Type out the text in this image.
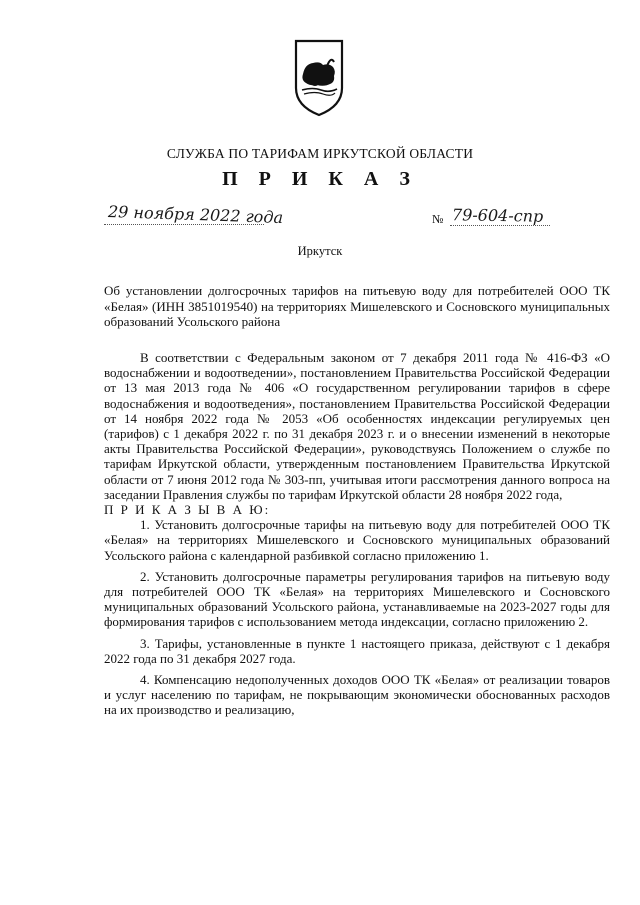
СЛУЖБА ПО ТАРИФАМ ИРКУТСКОЙ ОБЛАСТИ
П Р И К А З
29 ноября 2022 года	№ 79-604-спр
Иркутск
Об установлении долгосрочных тарифов на питьевую воду для потребителей ООО ТК «Белая» (ИНН 3851019540) на территориях Мишелевского и Сосновского муниципальных образований Усольского района

В соответствии с Федеральным законом от 7 декабря 2011 года № 416-ФЗ «О водоснабжении и водоотведении», постановлением Правительства Российской Федерации от 13 мая 2013 года № 406 «О государственном регулировании тарифов в сфере водоснабжения и водоотведения», постановлением Правительства Российской Федерации от 14 ноября 2022 года № 2053 «Об особенностях индексации регулируемых цен (тарифов) с 1 декабря 2022 г. по 31 декабря 2023 г. и о внесении изменений в некоторые акты Правительства Российской Федерации», руководствуясь Положением о службе по тарифам Иркутской области, утвержденным постановлением Правительства Иркутской области от 7 июня 2012 года № 303-пп, учитывая итоги рассмотрения данного вопроса на заседании Правления службы по тарифам Иркутской области 28 ноября 2022 года,

П Р И К А З Ы В А Ю:

1. Установить долгосрочные тарифы на питьевую воду для потребителей ООО ТК «Белая» на территориях Мишелевского и Сосновского муниципальных образований Усольского района с календарной разбивкой согласно приложению 1.

2. Установить долгосрочные параметры регулирования тарифов на питьевую воду для потребителей ООО ТК «Белая» на территориях Мишелевского и Сосновского муниципальных образований Усольского района, устанавливаемые на 2023-2027 годы для формирования тарифов с использованием метода индексации, согласно приложению 2.

3. Тарифы, установленные в пункте 1 настоящего приказа, действуют с 1 декабря 2022 года по 31 декабря 2027 года.

4. Компенсацию недополученных доходов ООО ТК «Белая» от реализации товаров и услуг населению по тарифам, не покрывающим экономически обоснованных расходов на их производство и реализацию,
